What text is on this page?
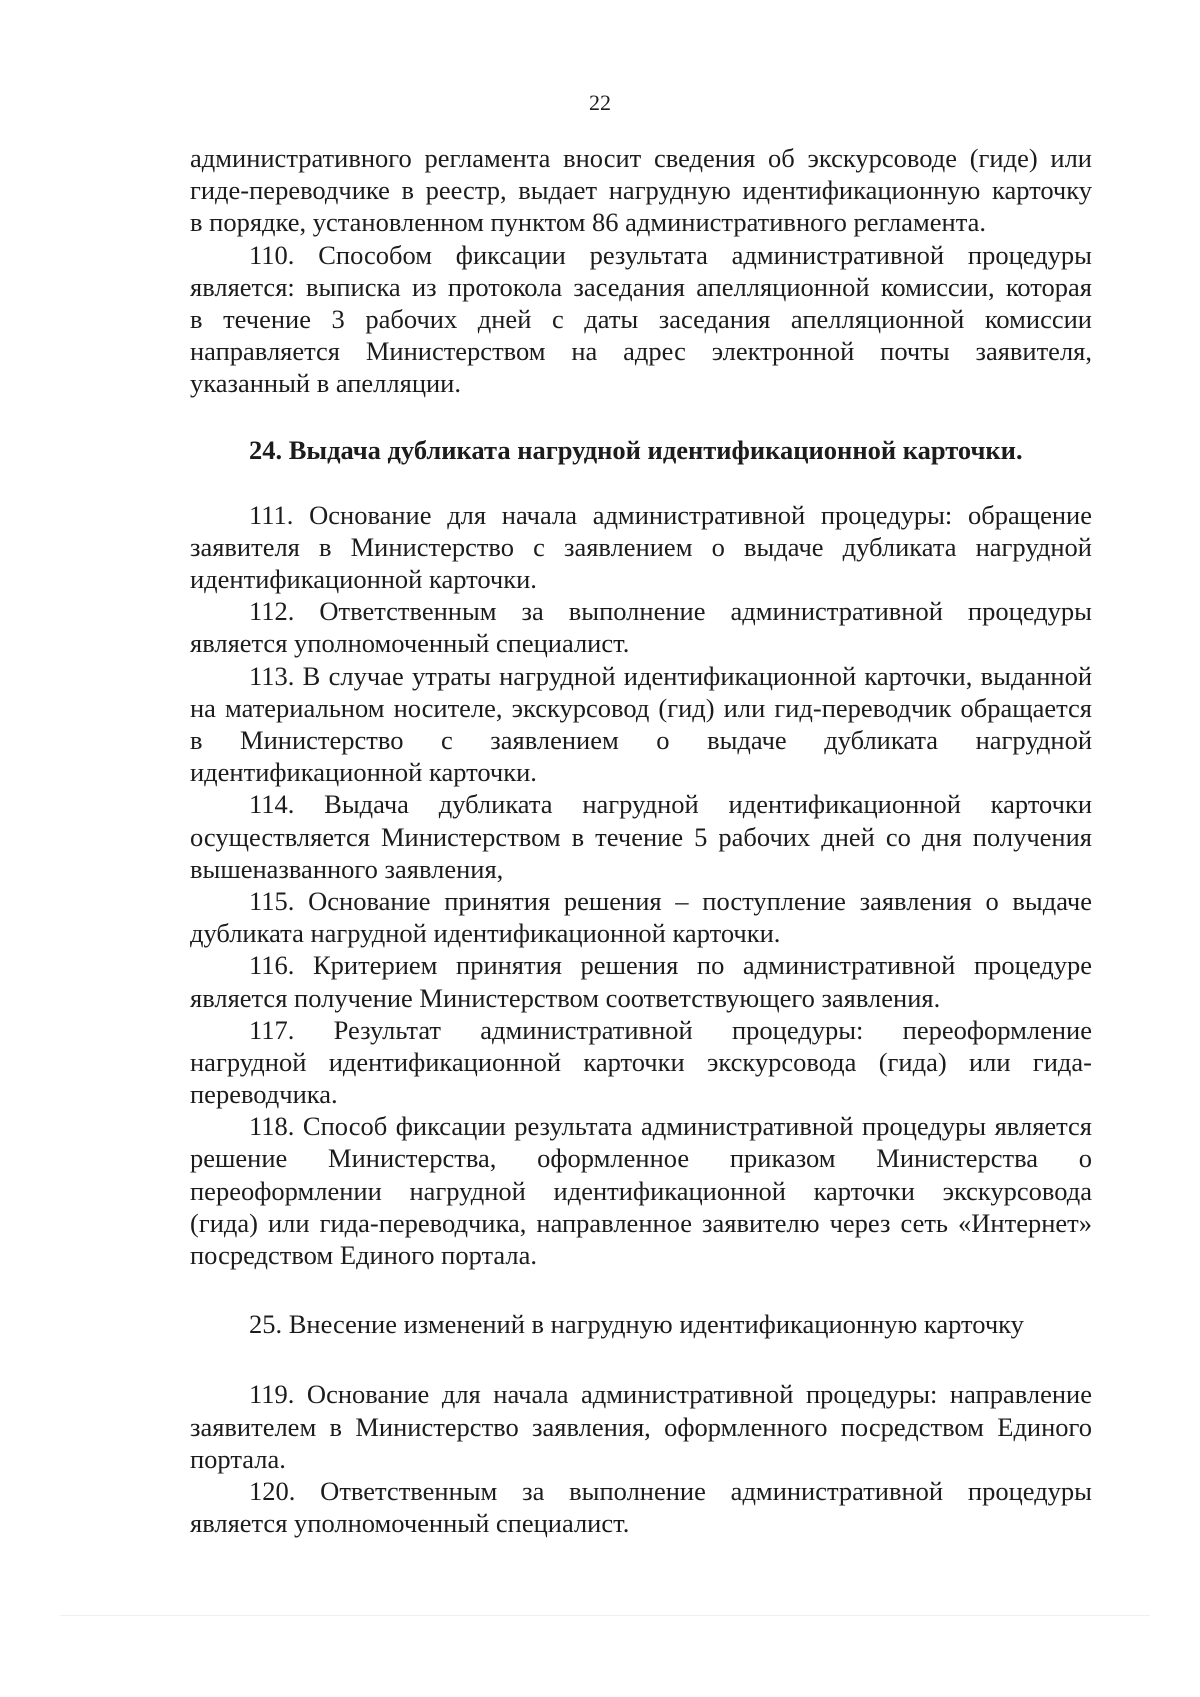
22
административного регламента вносит сведения об экскурсоводе (гиде) или
гиде-переводчике в реестр, выдает нагрудную идентификационную карточку
в порядке, установленном пунктом 86 административного регламента.
110. Способом фиксации результата административной процедуры
является: выписка из протокола заседания апелляционной комиссии, которая
в течение 3 рабочих дней с даты заседания апелляционной комиссии
направляется Министерством на адрес электронной почты заявителя,
указанный в апелляции.
24. Выдача дубликата нагрудной идентификационной карточки.
111. Основание для начала административной процедуры: обращение
заявителя в Министерство с заявлением о выдаче дубликата нагрудной
идентификационной карточки.
112. Ответственным за выполнение административной процедуры
является уполномоченный специалист.
113. В случае утраты нагрудной идентификационной карточки, выданной
на материальном носителе, экскурсовод (гид) или гид-переводчик обращается
в Министерство с заявлением о выдаче дубликата нагрудной
идентификационной карточки.
114. Выдача дубликата нагрудной идентификационной карточки
осуществляется Министерством в течение 5 рабочих дней со дня получения
вышеназванного заявления,
115. Основание принятия решения – поступление заявления о выдаче
дубликата нагрудной идентификационной карточки.
116. Критерием принятия решения по административной процедуре
является получение Министерством соответствующего заявления.
117. Результат административной процедуры: переоформление
нагрудной идентификационной карточки экскурсовода (гида) или гида-
переводчика.
118. Способ фиксации результата административной процедуры является
решение Министерства, оформленное приказом Министерства о
переоформлении нагрудной идентификационной карточки экскурсовода
(гида) или гида-переводчика, направленное заявителю через сеть «Интернет»
посредством Единого портала.
25. Внесение изменений в нагрудную идентификационную карточку
119. Основание для начала административной процедуры: направление
заявителем в Министерство заявления, оформленного посредством Единого
портала.
120. Ответственным за выполнение административной процедуры
является уполномоченный специалист.
